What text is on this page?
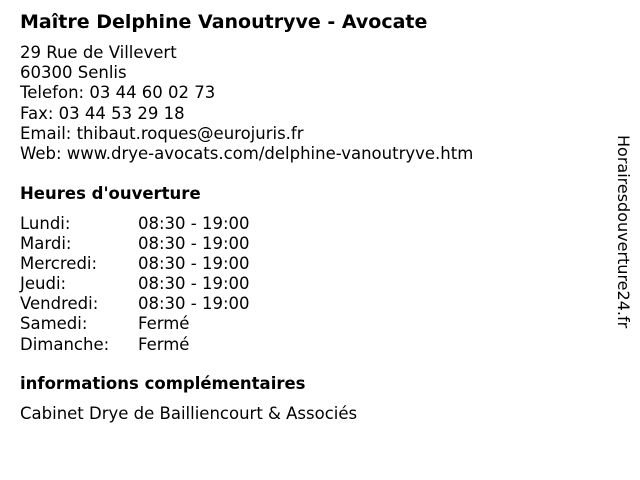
Maître Delphine Vanoutryve - Avocate
29 Rue de Villevert
60300 Senlis
Telefon: 03 44 60 02 73
Fax: 03 44 53 29 18
Email: thibaut.roques@eurojuris.fr
Web: www.drye-avocats.com/delphine-vanoutryve.htm
Heures d'ouverture
Lundi:	08:30 - 19:00
Mardi:	08:30 - 19:00
Mercredi: 08:30 - 19:00
Jeudi:	08:30 - 19:00
Vendredi: 08:30 - 19:00
Samedi:	Fermé
Dimanche: Fermé
informations complémentaires
Cabinet Drye de Bailliencourt & Associés
Horairesdouverture24.fr
